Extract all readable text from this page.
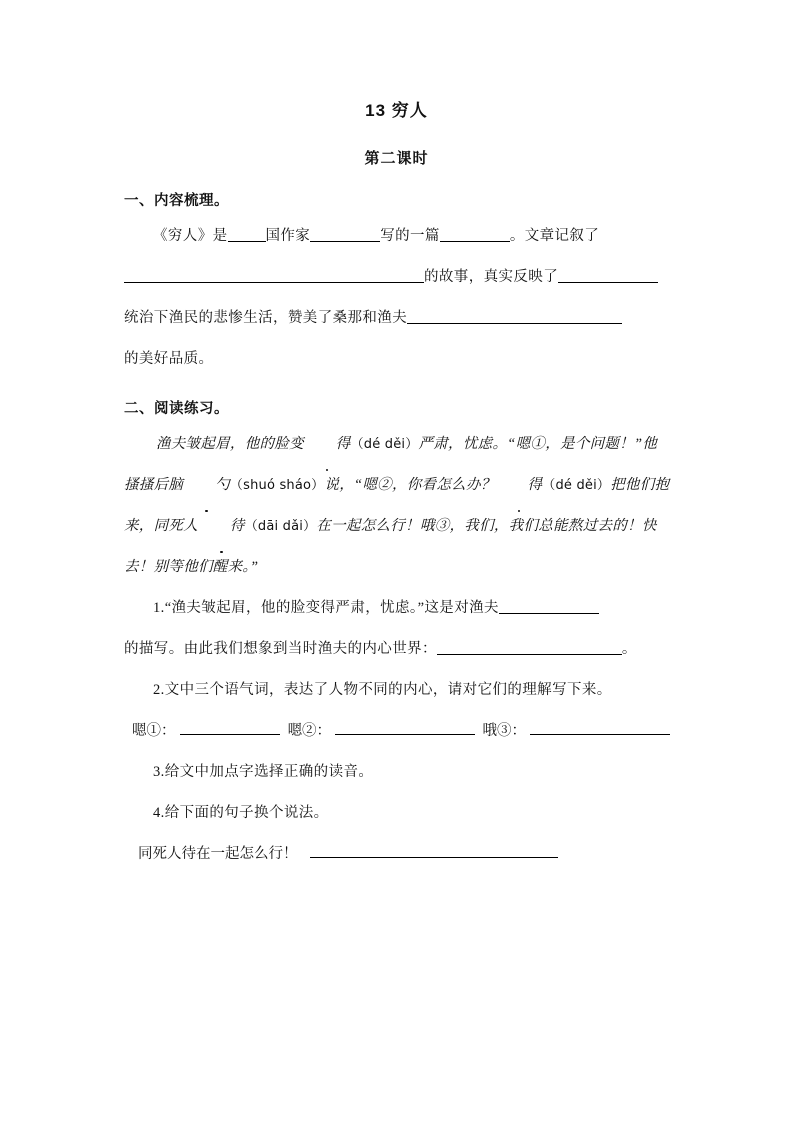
13 穷人
第二课时
一、内容梳理。
《穷人》是	国作家	写的一篇	。文章记叙了
的故事，真实反映了
统治下渔民的悲惨生活，赞美了桑那和渔夫
的美好品质。
二、阅读练习。
渔夫皱起眉，他的脸变 得（dé děi）严肃，忧虑。“嗯①，是个问题！”他搔搔后脑 勺（shuó sháo）说，“嗯②，你看怎么办？ 得（dé děi）把他们抱来，同死人 待（dāi dǎi）在一起怎么行！哦③，我们，我们总能熬过去的！快去！别等他们醒来。”
1.“渔夫皱起眉，他的脸变得严肃，忧虑。”这是对渔夫
的描写。由此我们想象到当时渔夫的内心世界：	。
2.文中三个语气词，表达了人物不同的内心，请对它们的理解写下来。
嗯①：	嗯②：	哦③：
3.给文中加点字选择正确的读音。
4.给下面的句子换个说法。
同死人待在一起怎么行！
